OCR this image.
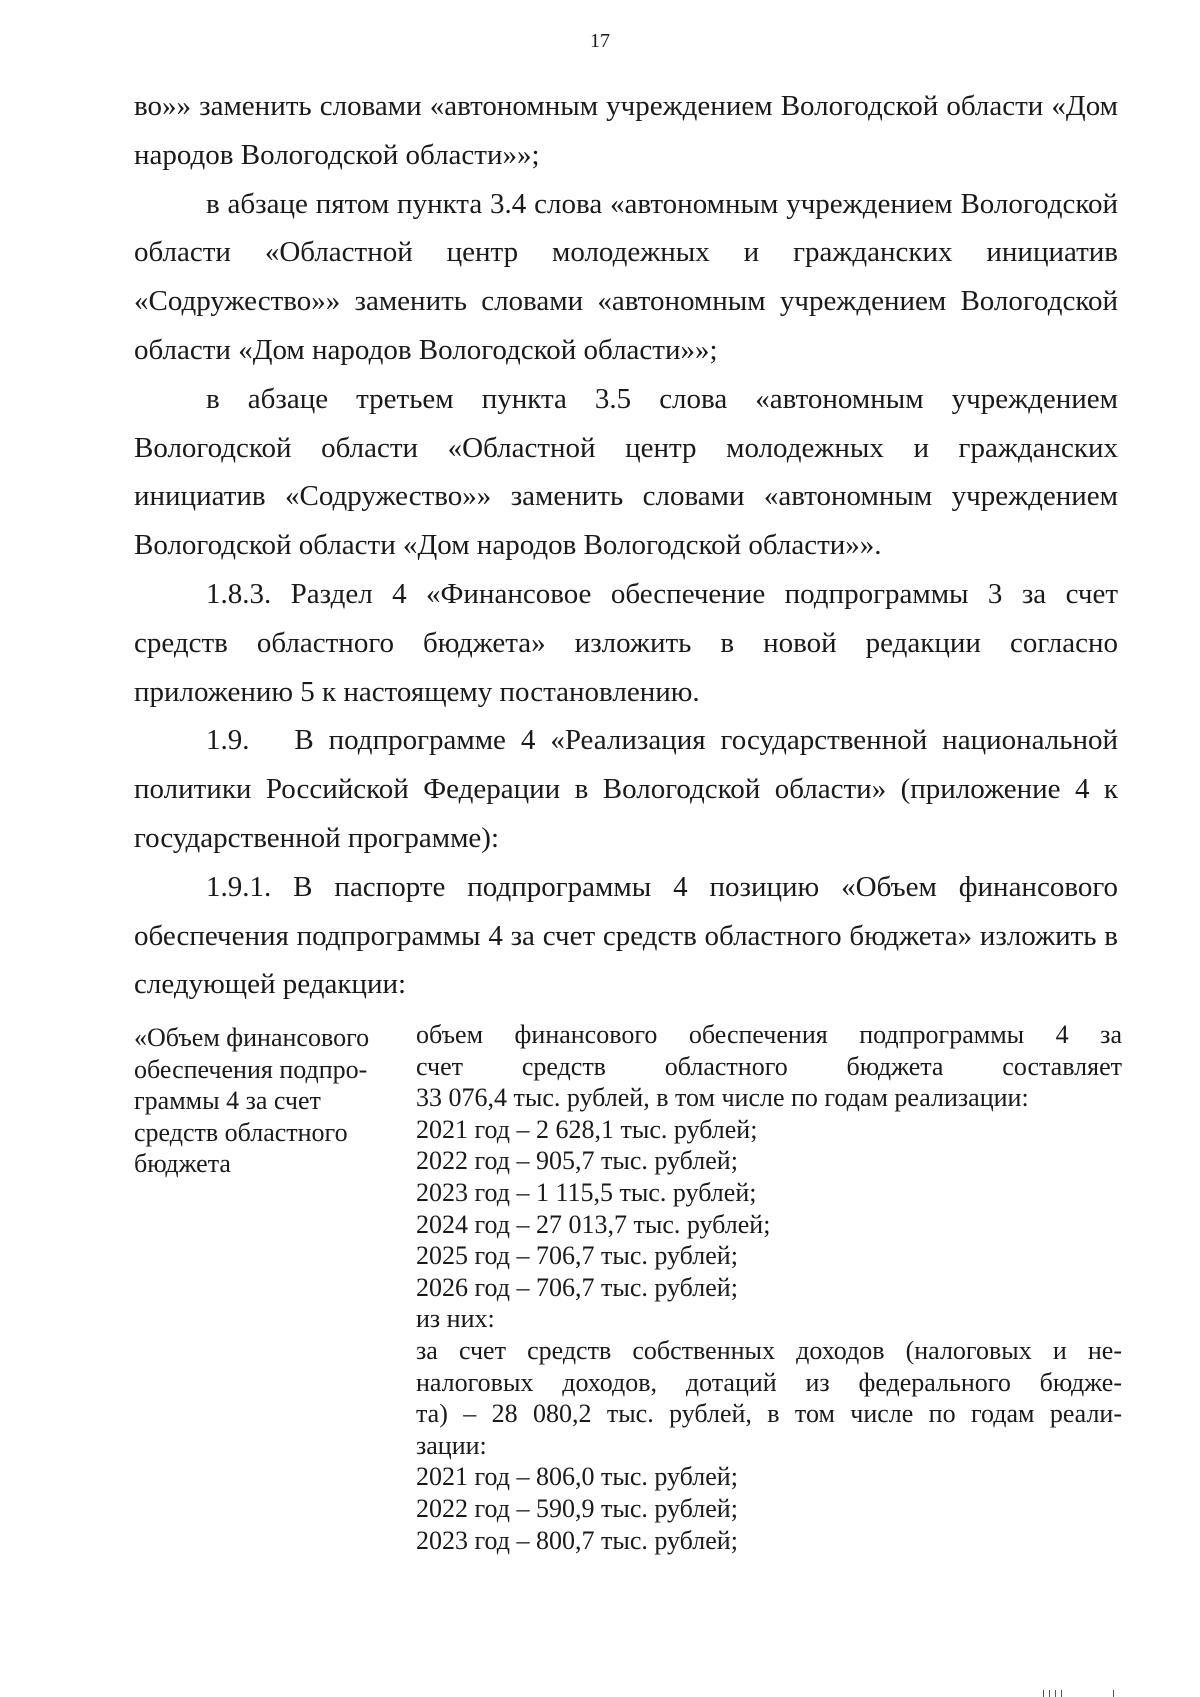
17

во»» заменить словами «автономным учреждением Вологодской области «Дом народов Вологодской области»»;

в абзаце пятом пункта 3.4 слова «автономным учреждением Вологодской области «Областной центр молодежных и гражданских инициатив «Содружество»» заменить словами «автономным учреждением Вологодской области «Дом народов Вологодской области»»;

в абзаце третьем пункта 3.5 слова «автономным учреждением Вологодской области «Областной центр молодежных и гражданских инициатив «Содружество»» заменить словами «автономным учреждением Вологодской области «Дом народов Вологодской области»».

1.8.3. Раздел 4 «Финансовое обеспечение подпрограммы 3 за счет средств областного бюджета» изложить в новой редакции согласно приложению 5 к настоящему постановлению.

1.9.   В подпрограмме 4 «Реализация государственной национальной политики Российской Федерации в Вологодской области» (приложение 4 к государственной программе):

1.9.1. В паспорте подпрограммы 4 позицию «Объем финансового обеспечения подпрограммы 4 за счет средств областного бюджета» изложить в следующей редакции:

«Объем финансового
обеспечения подпро-
граммы 4 за счет
средств областного
бюджета
объем финансового обеспечения подпрограммы 4 за
счет средств областного бюджета составляет
33 076,4 тыс. рублей, в том числе по годам реализации:
2021 год – 2 628,1 тыс. рублей;
2022 год – 905,7 тыс. рублей;
2023 год – 1 115,5 тыс. рублей;
2024 год – 27 013,7 тыс. рублей;
2025 год – 706,7 тыс. рублей;
2026 год – 706,7 тыс. рублей;
из них:
за счет средств собственных доходов (налоговых и не-
налоговых доходов, дотаций из федерального бюдже-
та) – 28 080,2 тыс. рублей, в том числе по годам реали-
зации:
2021 год – 806,0 тыс. рублей;
2022 год – 590,9 тыс. рублей;
2023 год – 800,7 тыс. рублей;
